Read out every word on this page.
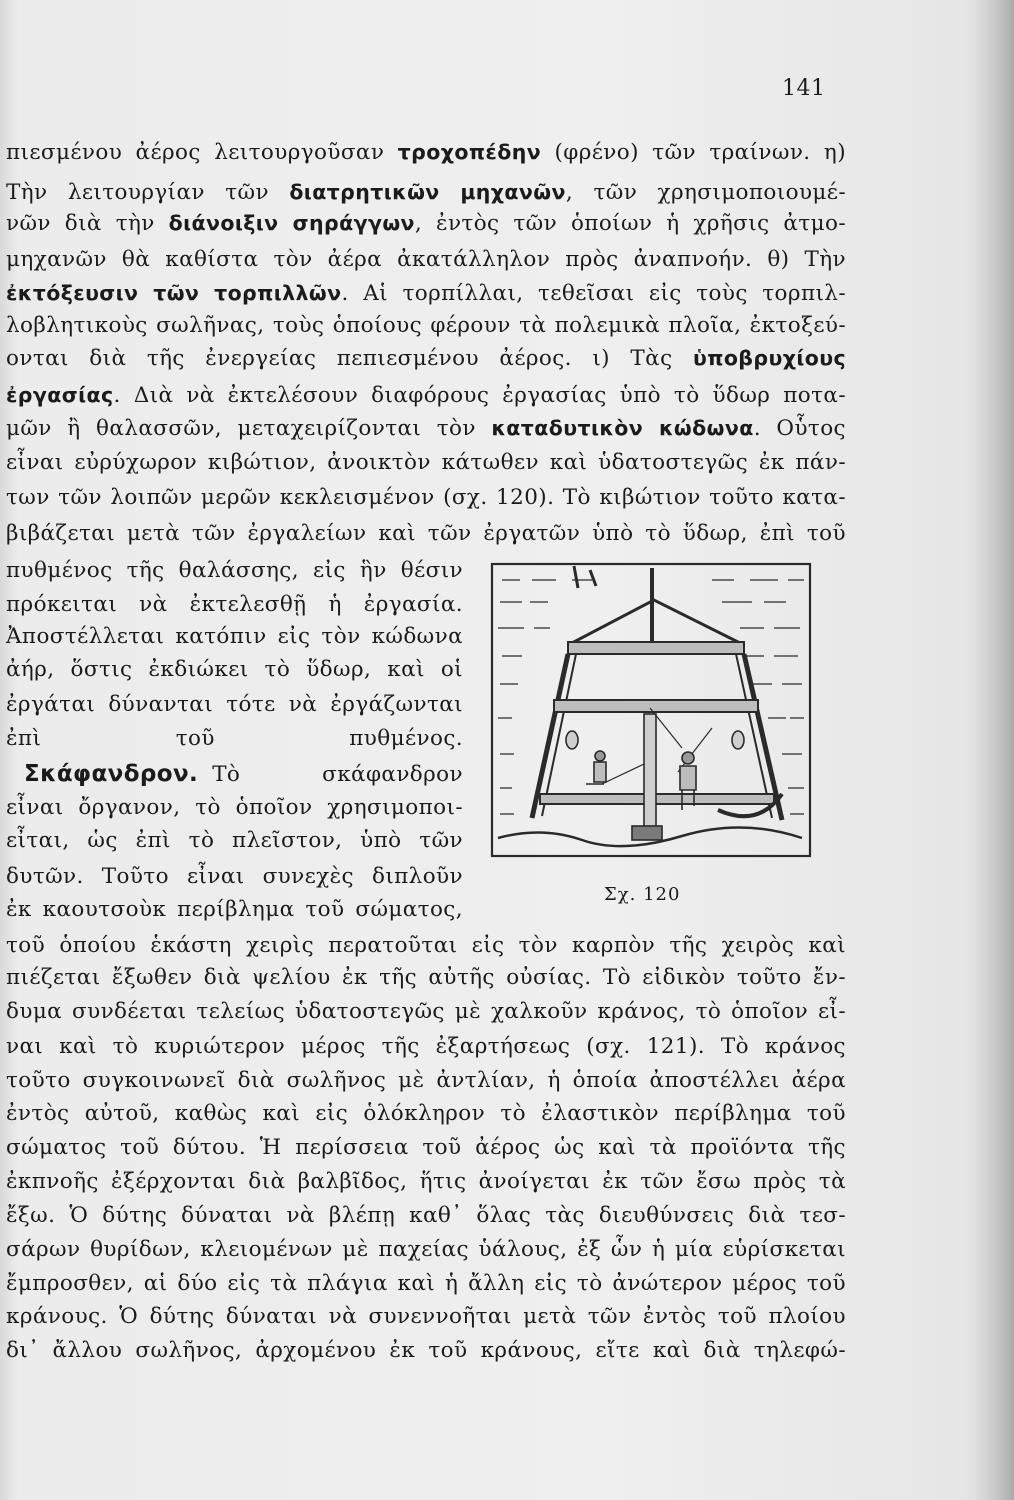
141
πιεσμένου ἀέρος λειτουργοῦσαν τροχοπέδην (φρένο) τῶν τραίνων. η)
Τὴν λειτουργίαν τῶν διατρητικῶν μηχανῶν, τῶν χρησιμοποιουμέ-
νῶν διὰ τὴν διάνοιξιν σηράγγων, ἐντὸς τῶν ὁποίων ἡ χρῆσις ἀτμο-
μηχανῶν θὰ καθίστα τὸν ἀέρα ἀκατάλληλον πρὸς ἀναπνοήν. θ) Τὴν
ἐκτόξευσιν τῶν τορπιλλῶν. Αἱ τορπίλλαι, τεθεῖσαι εἰς τοὺς τορπιλ-
λοβλητικοὺς σωλῆνας, τοὺς ὁποίους φέρουν τὰ πολεμικὰ πλοῖα, ἐκτοξεύ-
ονται διὰ τῆς ἐνεργείας πεπιεσμένου ἀέρος. ι) Τὰς ὑποβρυχίους
ἐργασίας. Διὰ νὰ ἐκτελέσουν διαφόρους ἐργασίας ὑπὸ τὸ ὕδωρ ποτα-
μῶν ἢ θαλασσῶν, μεταχειρίζονται τὸν καταδυτικὸν κώδωνα. Οὗτος
εἶναι εὐρύχωρον κιβώτιον, ἀνοικτὸν κάτωθεν καὶ ὑδατοστεγῶς ἐκ πάν-
των τῶν λοιπῶν μερῶν κεκλεισμένον (σχ. 120). Τὸ κιβώτιον τοῦτο κατα-
βιβάζεται μετὰ τῶν ἐργαλείων καὶ τῶν ἐργατῶν ὑπὸ τὸ ὕδωρ, ἐπὶ τοῦ
πυθμένος τῆς θαλάσσης, εἰς ἣν θέσιν
πρόκειται νὰ ἐκτελεσθῇ ἡ ἐργασία.
Ἀποστέλλεται κατόπιν εἰς τὸν κώδωνα
ἀήρ, ὅστις ἐκδιώκει τὸ ὕδωρ, καὶ οἱ
ἐργάται δύνανται τότε νὰ ἐργάζωνται
ἐπὶ τοῦ πυθμένος.
Σκάφανδρον. Τὸ σκάφανδρον
εἶναι ὄργανον, τὸ ὁποῖον χρησιμοποι-
εἶται, ὡς ἐπὶ τὸ πλεῖστον, ὑπὸ τῶν
δυτῶν. Τοῦτο εἶναι συνεχὲς διπλοῦν
ἐκ καουτσοὺκ περίβλημα τοῦ σώματος,
Σχ. 120
τοῦ ὁποίου ἑκάστη χειρὶς περατοῦται εἰς τὸν καρπὸν τῆς χειρὸς καὶ
πιέζεται ἔξωθεν διὰ ψελίου ἐκ τῆς αὐτῆς οὐσίας. Τὸ εἰδικὸν τοῦτο ἔν-
δυμα συνδέεται τελείως ὑδατοστεγῶς μὲ χαλκοῦν κράνος, τὸ ὁποῖον εἶ-
ναι καὶ τὸ κυριώτερον μέρος τῆς ἐξαρτήσεως (σχ. 121). Τὸ κράνος
τοῦτο συγκοινωνεῖ διὰ σωλῆνος μὲ ἀντλίαν, ἡ ὁποία ἀποστέλλει ἀέρα
ἐντὸς αὐτοῦ, καθὼς καὶ εἰς ὁλόκληρον τὸ ἐλαστικὸν περίβλημα τοῦ
σώματος τοῦ δύτου. Ἡ περίσσεια τοῦ ἀέρος ὡς καὶ τὰ προϊόντα τῆς
ἐκπνοῆς ἐξέρχονται διὰ βαλβῖδος, ἥτις ἀνοίγεται ἐκ τῶν ἔσω πρὸς τὰ
ἔξω. Ὁ δύτης δύναται νὰ βλέπῃ καθ᾽ ὅλας τὰς διευθύνσεις διὰ τεσ-
σάρων θυρίδων, κλειομένων μὲ παχείας ὑάλους, ἐξ ὧν ἡ μία εὑρίσκεται
ἔμπροσθεν, αἱ δύο εἰς τὰ πλάγια καὶ ἡ ἄλλη εἰς τὸ ἀνώτερον μέρος τοῦ
κράνους. Ὁ δύτης δύναται νὰ συνεννοῆται μετὰ τῶν ἐντὸς τοῦ πλοίου
δι᾽ ἄλλου σωλῆνος, ἀρχομένου ἐκ τοῦ κράνους, εἴτε καὶ διὰ τηλεφώ-
